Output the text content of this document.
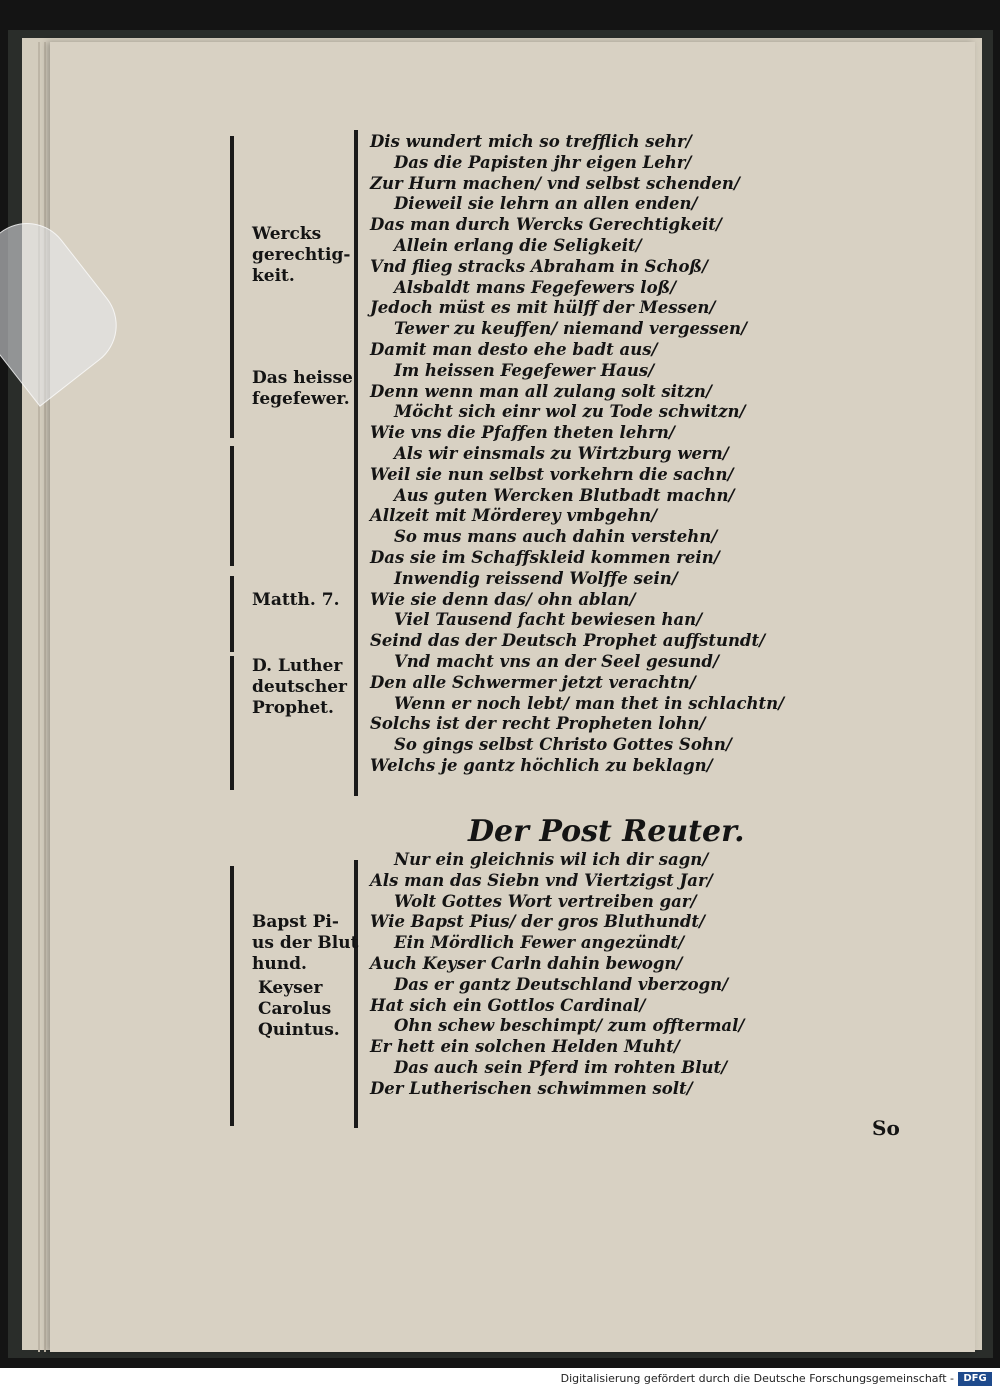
Wercks
gerechtig-
keit.
Das heisse
fegefewer.
Matth. 7.
D. Luther
deutscher
Prophet.
Bapst Pi-
us der Blut
hund.
Keyser
Carolus
Quintus.
Dis wundert mich so trefflich sehr/
Das die Papisten jhr eigen Lehr/
Zur Hurn machen/ vnd selbst schenden/
Dieweil sie lehrn an allen enden/
Das man durch Wercks Gerechtigkeit/
Allein erlang die Seligkeit/
Vnd flieg stracks Abraham in Schoß/
Alsbaldt mans Fegefewers loß/
Jedoch müst es mit hülff der Messen/
Tewer zu keuffen/ niemand vergessen/
Damit man desto ehe badt aus/
Im heissen Fegefewer Haus/
Denn wenn man all zulang solt sitzn/
Möcht sich einr wol zu Tode schwitzn/
Wie vns die Pfaffen theten lehrn/
Als wir einsmals zu Wirtzburg wern/
Weil sie nun selbst vorkehrn die sachn/
Aus guten Wercken Blutbadt machn/
Allzeit mit Mörderey vmbgehn/
So mus mans auch dahin verstehn/
Das sie im Schaffskleid kommen rein/
Inwendig reissend Wolffe sein/
Wie sie denn das/ ohn ablan/
Viel Tausend facht bewiesen han/
Seind das der Deutsch Prophet auffstundt/
Vnd macht vns an der Seel gesund/
Den alle Schwermer jetzt verachtn/
Wenn er noch lebt/ man thet in schlachtn/
Solchs ist der recht Propheten lohn/
So gings selbst Christo Gottes Sohn/
Welchs je gantz höchlich zu beklagn/
Der Post Reuter.
Nur ein gleichnis wil ich dir sagn/
Als man das Siebn vnd Viertzigst Jar/
Wolt Gottes Wort vertreiben gar/
Wie Bapst Pius/ der gros Bluthundt/
Ein Mördlich Fewer angezündt/
Auch Keyser Carln dahin bewogn/
Das er gantz Deutschland vberzogn/
Hat sich ein Gottlos Cardinal/
Ohn schew beschimpt/ zum offtermal/
Er hett ein solchen Helden Muht/
Das auch sein Pferd im rohten Blut/
Der Lutherischen schwimmen solt/
So
Digitalisierung gefördert durch die Deutsche Forschungsgemeinschaft - DFG
